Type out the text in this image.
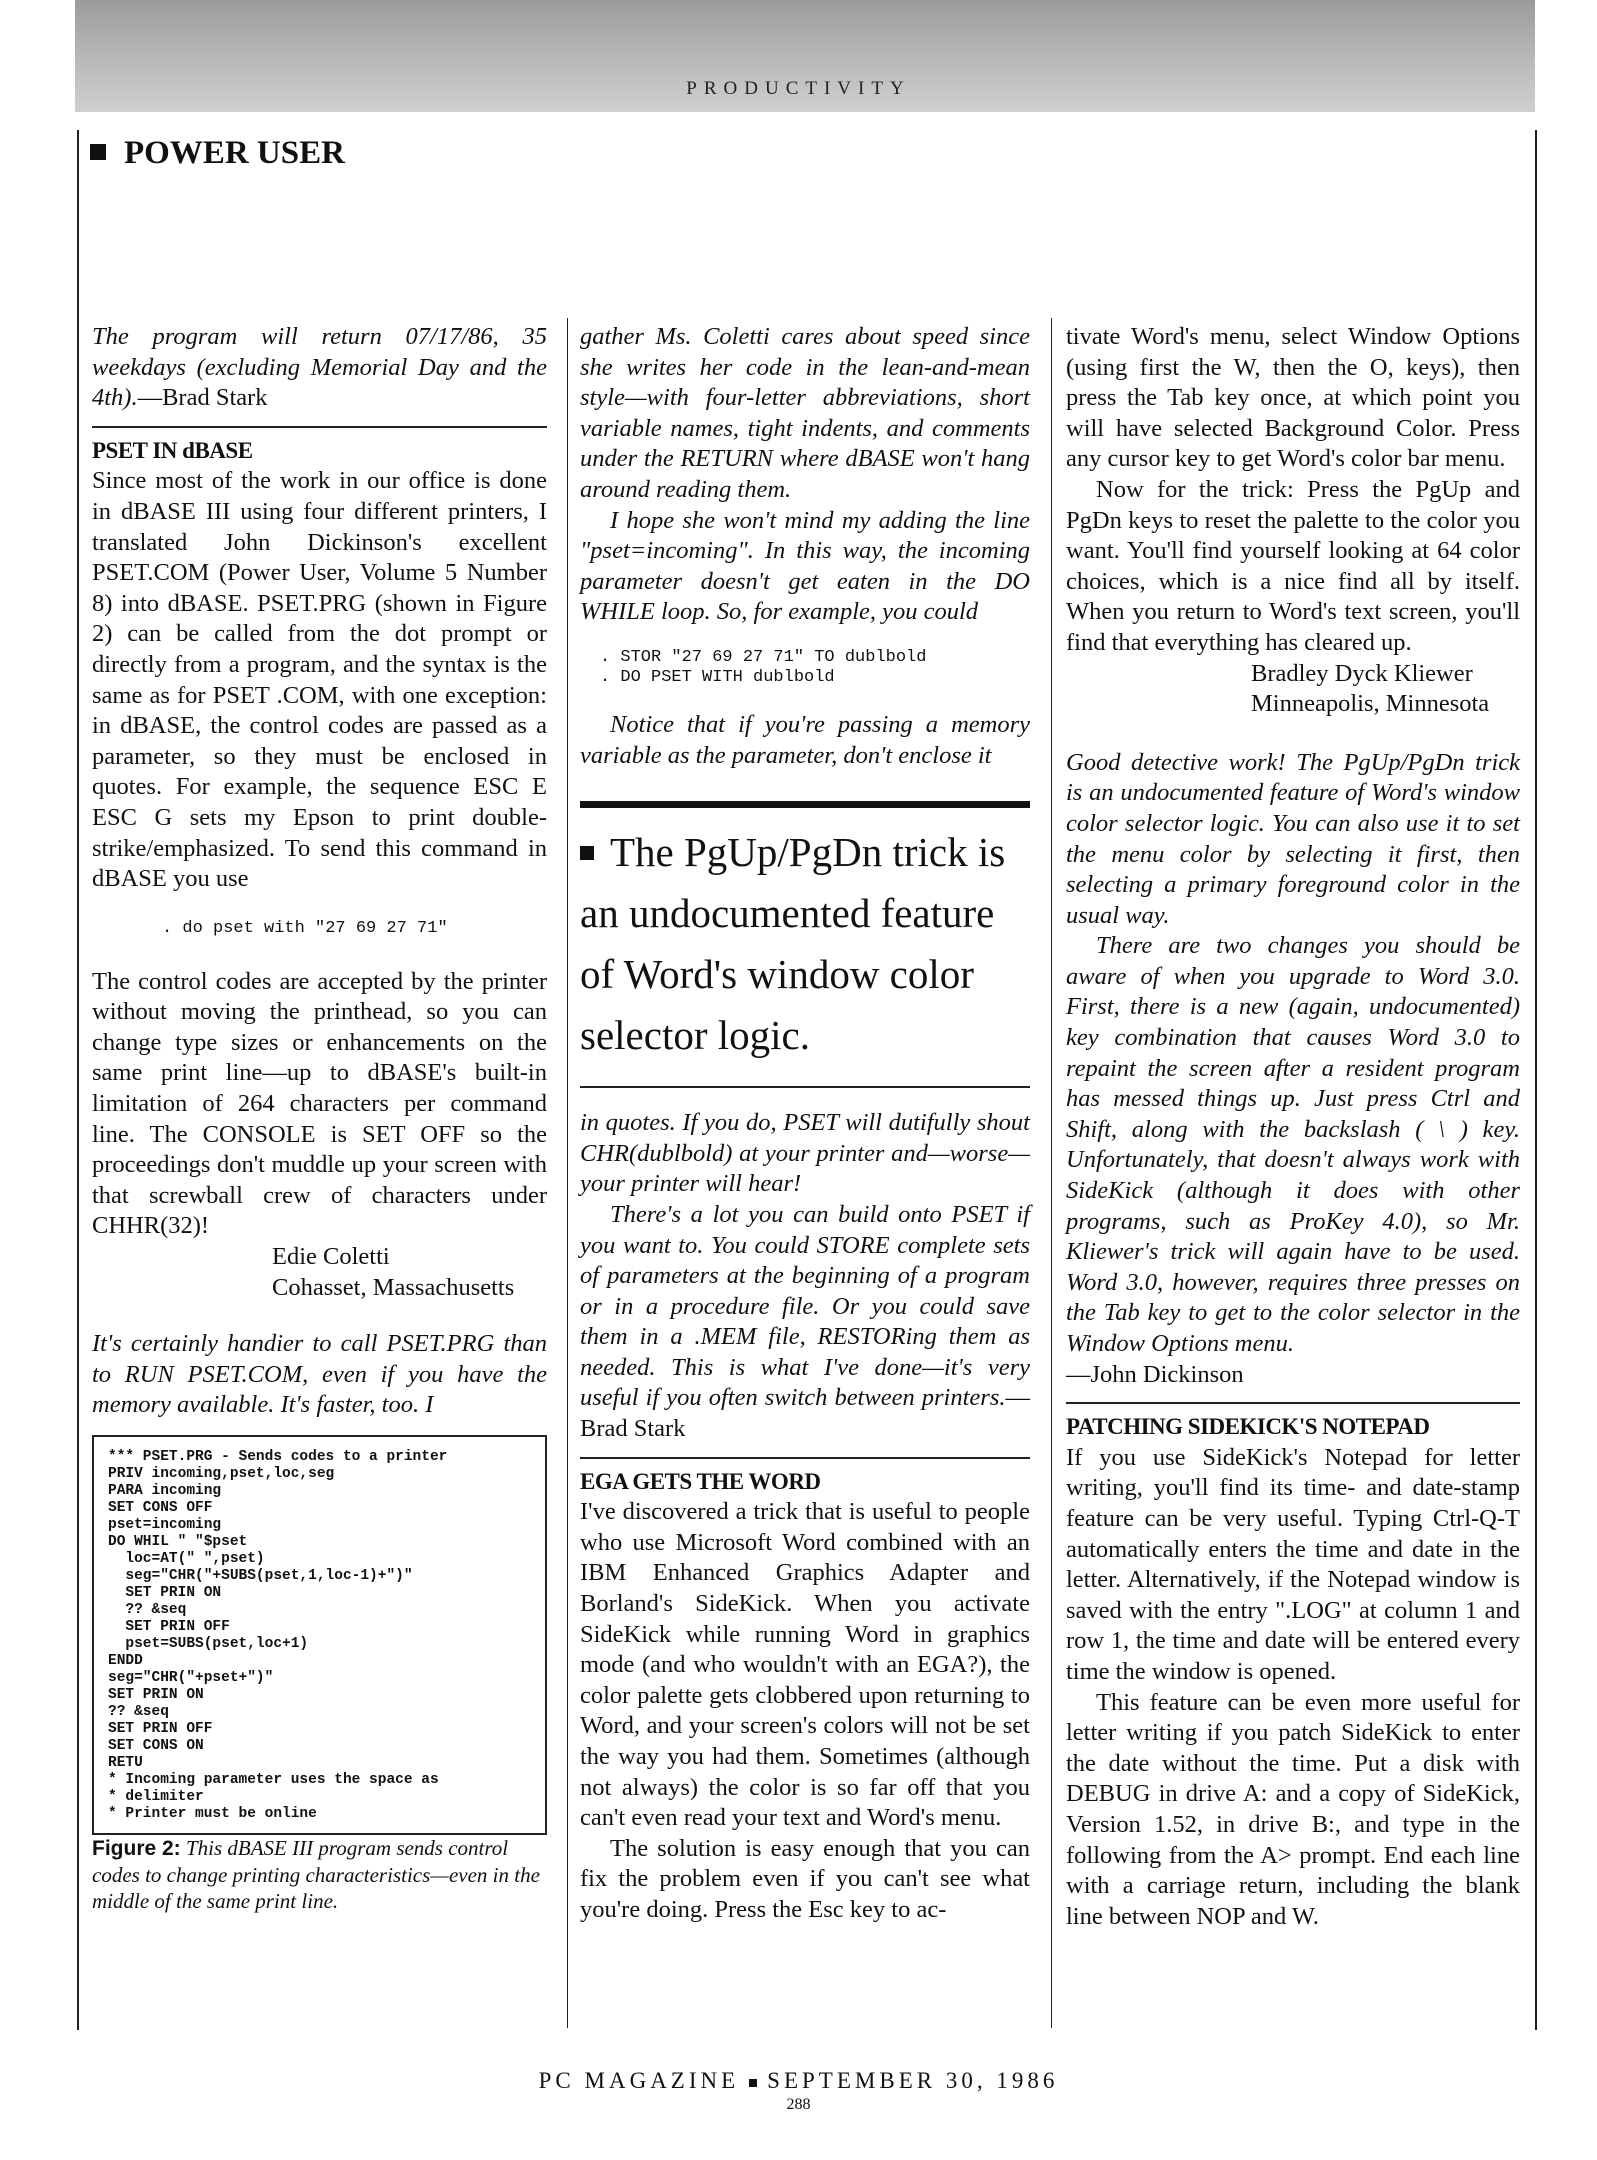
PRODUCTIVITY
POWER USER

The program will return 07/17/86, 35 weekdays (excluding Memorial Day and the 4th).—Brad Stark

PSET IN dBASE

Since most of the work in our office is done in dBASE III using four different printers, I translated John Dickinson's excellent PSET.COM (Power User, Volume 5 Number 8) into dBASE. PSET.PRG (shown in Figure 2) can be called from the dot prompt or directly from a program, and the syntax is the same as for PSET .COM, with one exception: in dBASE, the control codes are passed as a parameter, so they must be enclosed in quotes. For example, the sequence ESC E ESC G sets my Epson to print double-strike/emphasized. To send this command in dBASE you use

. do pset with "27 69 27 71"

The control codes are accepted by the printer without moving the printhead, so you can change type sizes or enhancements on the same print line—up to dBASE's built-in limitation of 264 characters per command line. The CONSOLE is SET OFF so the proceedings don't muddle up your screen with that screwball crew of characters under CHHR(32)!

Edie Coletti

Cohasset, Massachusetts

It's certainly handier to call PSET.PRG than to RUN PSET.COM, even if you have the memory available. It's faster, too. I

*** PSET.PRG - Sends codes to a printer
PRIV incoming,pset,loc,seg
PARA incoming
SET CONS OFF
pset=incoming
DO WHIL " "$pset
loc=AT(" ",pset)
seg="CHR("+SUBS(pset,1,loc-1)+")"
SET PRIN ON
?? &seq
SET PRIN OFF
pset=SUBS(pset,loc+1)
ENDD
seg="CHR("+pset+")"
SET PRIN ON
?? &seq
SET PRIN OFF
SET CONS ON
RETU
* Incoming parameter uses the space as
* delimiter
* Printer must be online

Figure 2: This dBASE III program sends control codes to change printing characteristics—even in the middle of the same print line.

gather Ms. Coletti cares about speed since she writes her code in the lean-and-mean style—with four-letter abbreviations, short variable names, tight indents, and comments under the RETURN where dBASE won't hang around reading them.

I hope she won't mind my adding the line "pset=incoming". In this way, the incoming parameter doesn't get eaten in the DO WHILE loop. So, for example, you could

. STOR "27 69 27 71" TO dublbold
. DO PSET WITH dublbold

Notice that if you're passing a memory variable as the parameter, don't enclose it

The PgUp/PgDn trick is an undocumented feature of Word's window color selector logic.

in quotes. If you do, PSET will dutifully shout CHR(dublbold) at your printer and—worse—your printer will hear!

There's a lot you can build onto PSET if you want to. You could STORE complete sets of parameters at the beginning of a program or in a procedure file. Or you could save them in a .MEM file, RESTORing them as needed. This is what I've done—it's very useful if you often switch between printers.—Brad Stark

EGA GETS THE WORD

I've discovered a trick that is useful to people who use Microsoft Word combined with an IBM Enhanced Graphics Adapter and Borland's SideKick. When you activate SideKick while running Word in graphics mode (and who wouldn't with an EGA?), the color palette gets clobbered upon returning to Word, and your screen's colors will not be set the way you had them. Sometimes (although not always) the color is so far off that you can't even read your text and Word's menu.

The solution is easy enough that you can fix the problem even if you can't see what you're doing. Press the Esc key to ac-

tivate Word's menu, select Window Options (using first the W, then the O, keys), then press the Tab key once, at which point you will have selected Background Color. Press any cursor key to get Word's color bar menu.

Now for the trick: Press the PgUp and PgDn keys to reset the palette to the color you want. You'll find yourself looking at 64 color choices, which is a nice find all by itself. When you return to Word's text screen, you'll find that everything has cleared up.

Bradley Dyck Kliewer

Minneapolis, Minnesota

Good detective work! The PgUp/PgDn trick is an undocumented feature of Word's window color selector logic. You can also use it to set the menu color by selecting it first, then selecting a primary foreground color in the usual way.

There are two changes you should be aware of when you upgrade to Word 3.0. First, there is a new (again, undocumented) key combination that causes Word 3.0 to repaint the screen after a resident program has messed things up. Just press Ctrl and Shift, along with the backslash ( \ ) key. Unfortunately, that doesn't always work with SideKick (although it does with other programs, such as ProKey 4.0), so Mr. Kliewer's trick will again have to be used. Word 3.0, however, requires three presses on the Tab key to get to the color selector in the Window Options menu.

—John Dickinson

PATCHING SIDEKICK'S NOTEPAD

If you use SideKick's Notepad for letter writing, you'll find its time- and date-stamp feature can be very useful. Typing Ctrl-Q-T automatically enters the time and date in the letter. Alternatively, if the Notepad window is saved with the entry ".LOG" at column 1 and row 1, the time and date will be entered every time the window is opened.

This feature can be even more useful for letter writing if you patch SideKick to enter the date without the time. Put a disk with DEBUG in drive A: and a copy of SideKick, Version 1.52, in drive B:, and type in the following from the A> prompt. End each line with a carriage return, including the blank line between NOP and W.

PC MAGAZINE SEPTEMBER 30, 1986
288
